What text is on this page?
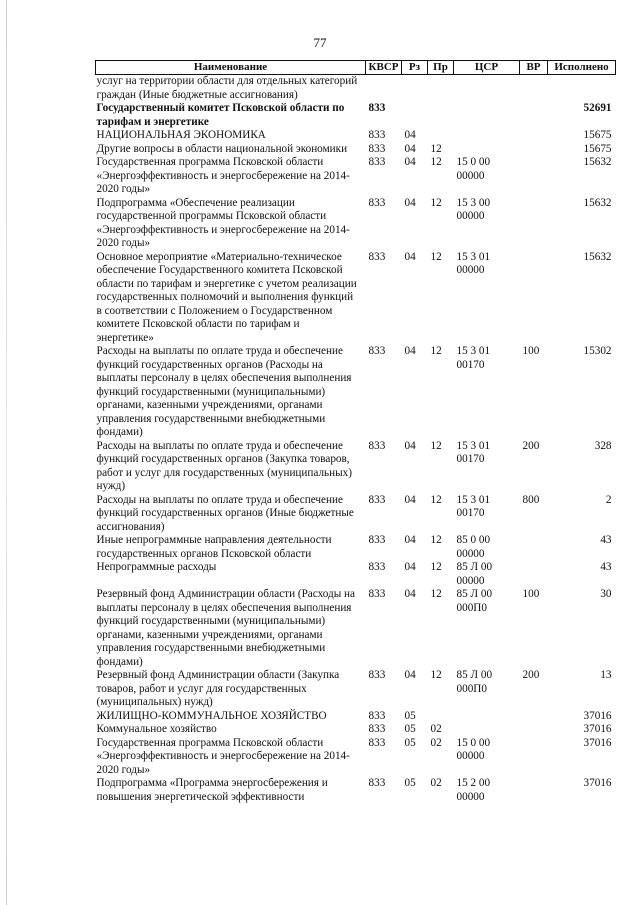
77
Наименование	КВСР	Рз	Пр	ЦСР	ВР	Исполнено
услуг на территории области для отдельных категорий граждан (Иные бюджетные ассигнования)						
Государственный комитет Псковской области по тарифам и энергетике	833					52691
НАЦИОНАЛЬНАЯ ЭКОНОМИКА	833	04				15675
Другие вопросы в области национальной экономики	833	04	12			15675
Государственная программа Псковской области «Энергоэффективность и энергосбережение на 2014-2020 годы»	833	04	12	15 0 00 00000		15632
Подпрограмма «Обеспечение реализации государственной программы Псковской области «Энергоэффективность и энергосбережение на 2014-2020 годы»	833	04	12	15 3 00 00000		15632
Основное мероприятие «Материально-техническое обеспечение Государственного комитета Псковской области по тарифам и энергетике с учетом реализации государственных полномочий и выполнения функций в соответствии с Положением о Государственном комитете Псковской области по тарифам и энергетике»	833	04	12	15 3 01 00000		15632
Расходы на выплаты по оплате труда и обеспечение функций государственных органов (Расходы на выплаты персоналу в целях обеспечения выполнения функций государственными (муниципальными) органами, казенными учреждениями, органами управления государственными внебюджетными фондами)	833	04	12	15 3 01 00170	100	15302
Расходы на выплаты по оплате труда и обеспечение функций государственных органов (Закупка товаров, работ и услуг для государственных (муниципальных) нужд)	833	04	12	15 3 01 00170	200	328
Расходы на выплаты по оплате труда и обеспечение функций государственных органов (Иные бюджетные ассигнования)	833	04	12	15 3 01 00170	800	2
Иные непрограммные направления деятельности государственных органов Псковской области	833	04	12	85 0 00 00000		43
Непрограммные расходы	833	04	12	85 Л 00 00000		43
Резервный фонд Администрации области (Расходы на выплаты персоналу в целях обеспечения выполнения функций государственными (муниципальными) органами, казенными учреждениями, органами управления государственными внебюджетными фондами)	833	04	12	85 Л 00 000П0	100	30
Резервный фонд Администрации области (Закупка товаров, работ и услуг для государственных (муниципальных) нужд)	833	04	12	85 Л 00 000П0	200	13
ЖИЛИЩНО-КОММУНАЛЬНОЕ ХОЗЯЙСТВО	833	05				37016
Коммунальное хозяйство	833	05	02			37016
Государственная программа Псковской области «Энергоэффективность и энергосбережение на 2014-2020 годы»	833	05	02	15 0 00 00000		37016
Подпрограмма «Программа энергосбережения и повышения энергетической эффективности	833	05	02	15 2 00 00000		37016
